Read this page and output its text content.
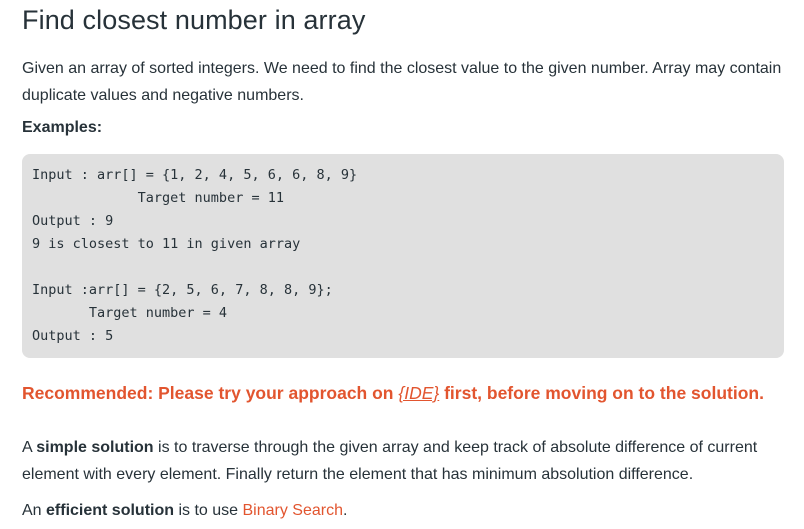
Find closest number in array

Given an array of sorted integers. We need to find the closest value to the given number. Array may contain duplicate values and negative numbers.

Examples:

Input : arr[] = {1, 2, 4, 5, 6, 6, 8, 9}
Target number = 11
Output : 9
9 is closest to 11 in given array

Input :arr[] = {2, 5, 6, 7, 8, 8, 9};
Target number = 4
Output : 5

Recommended: Please try your approach on {IDE} first, before moving on to the solution.

A simple solution is to traverse through the given array and keep track of absolute difference of current element with every element. Finally return the element that has minimum absolution difference.

An efficient solution is to use Binary Search.
